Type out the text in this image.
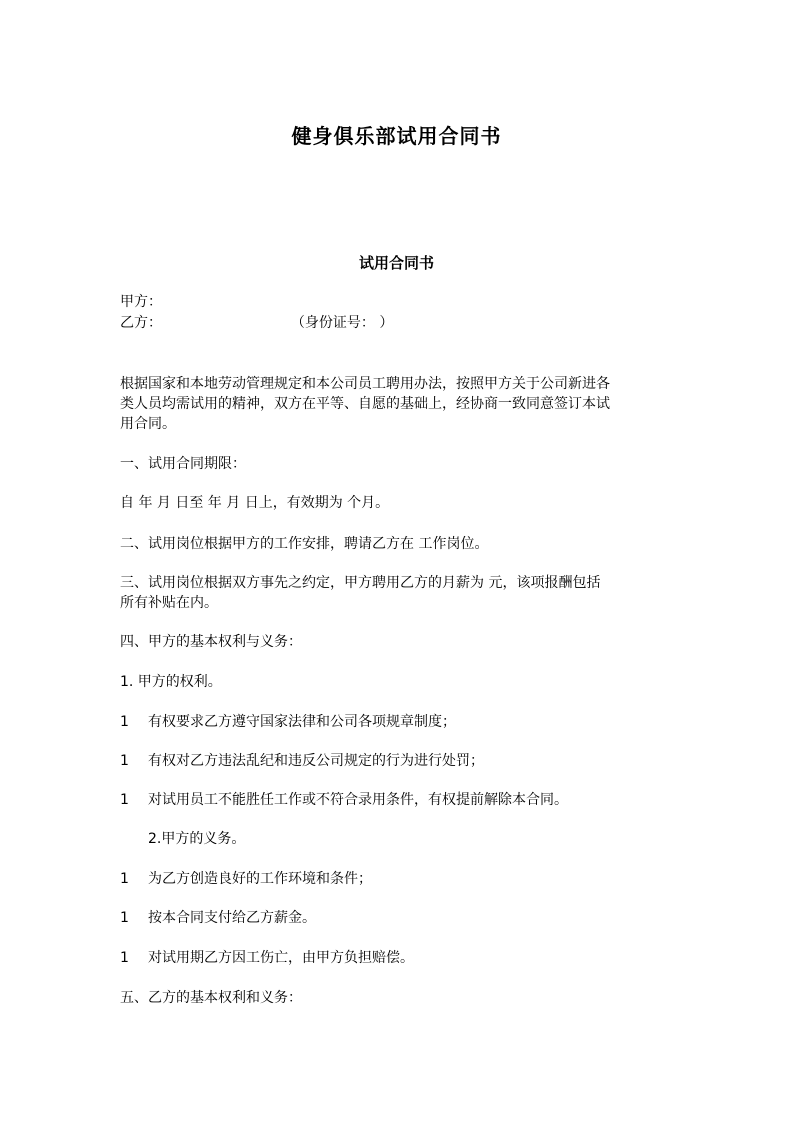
健身俱乐部试用合同书
试用合同书
甲方：
乙方：	（身份证号： ）
根据国家和本地劳动管理规定和本公司员工聘用办法，按照甲方关于公司新进各
类人员均需试用的精神，双方在平等、自愿的基础上，经协商一致同意签订本试
用合同。
一、试用合同期限：
自 年 月 日至 年 月 日上，有效期为 个月。
二、试用岗位根据甲方的工作安排，聘请乙方在 工作岗位。
三、试用岗位根据双方事先之约定，甲方聘用乙方的月薪为 元，该项报酬包括
所有补贴在内。
四、甲方的基本权利与义务：
1. 甲方的权利。
1 有权要求乙方遵守国家法律和公司各项规章制度；
1 有权对乙方违法乱纪和违反公司规定的行为进行处罚；
1 对试用员工不能胜任工作或不符合录用条件，有权提前解除本合同。
2.甲方的义务。
1 为乙方创造良好的工作环境和条件；
1 按本合同支付给乙方薪金。
1 对试用期乙方因工伤亡，由甲方负担赔偿。
五、乙方的基本权利和义务：
